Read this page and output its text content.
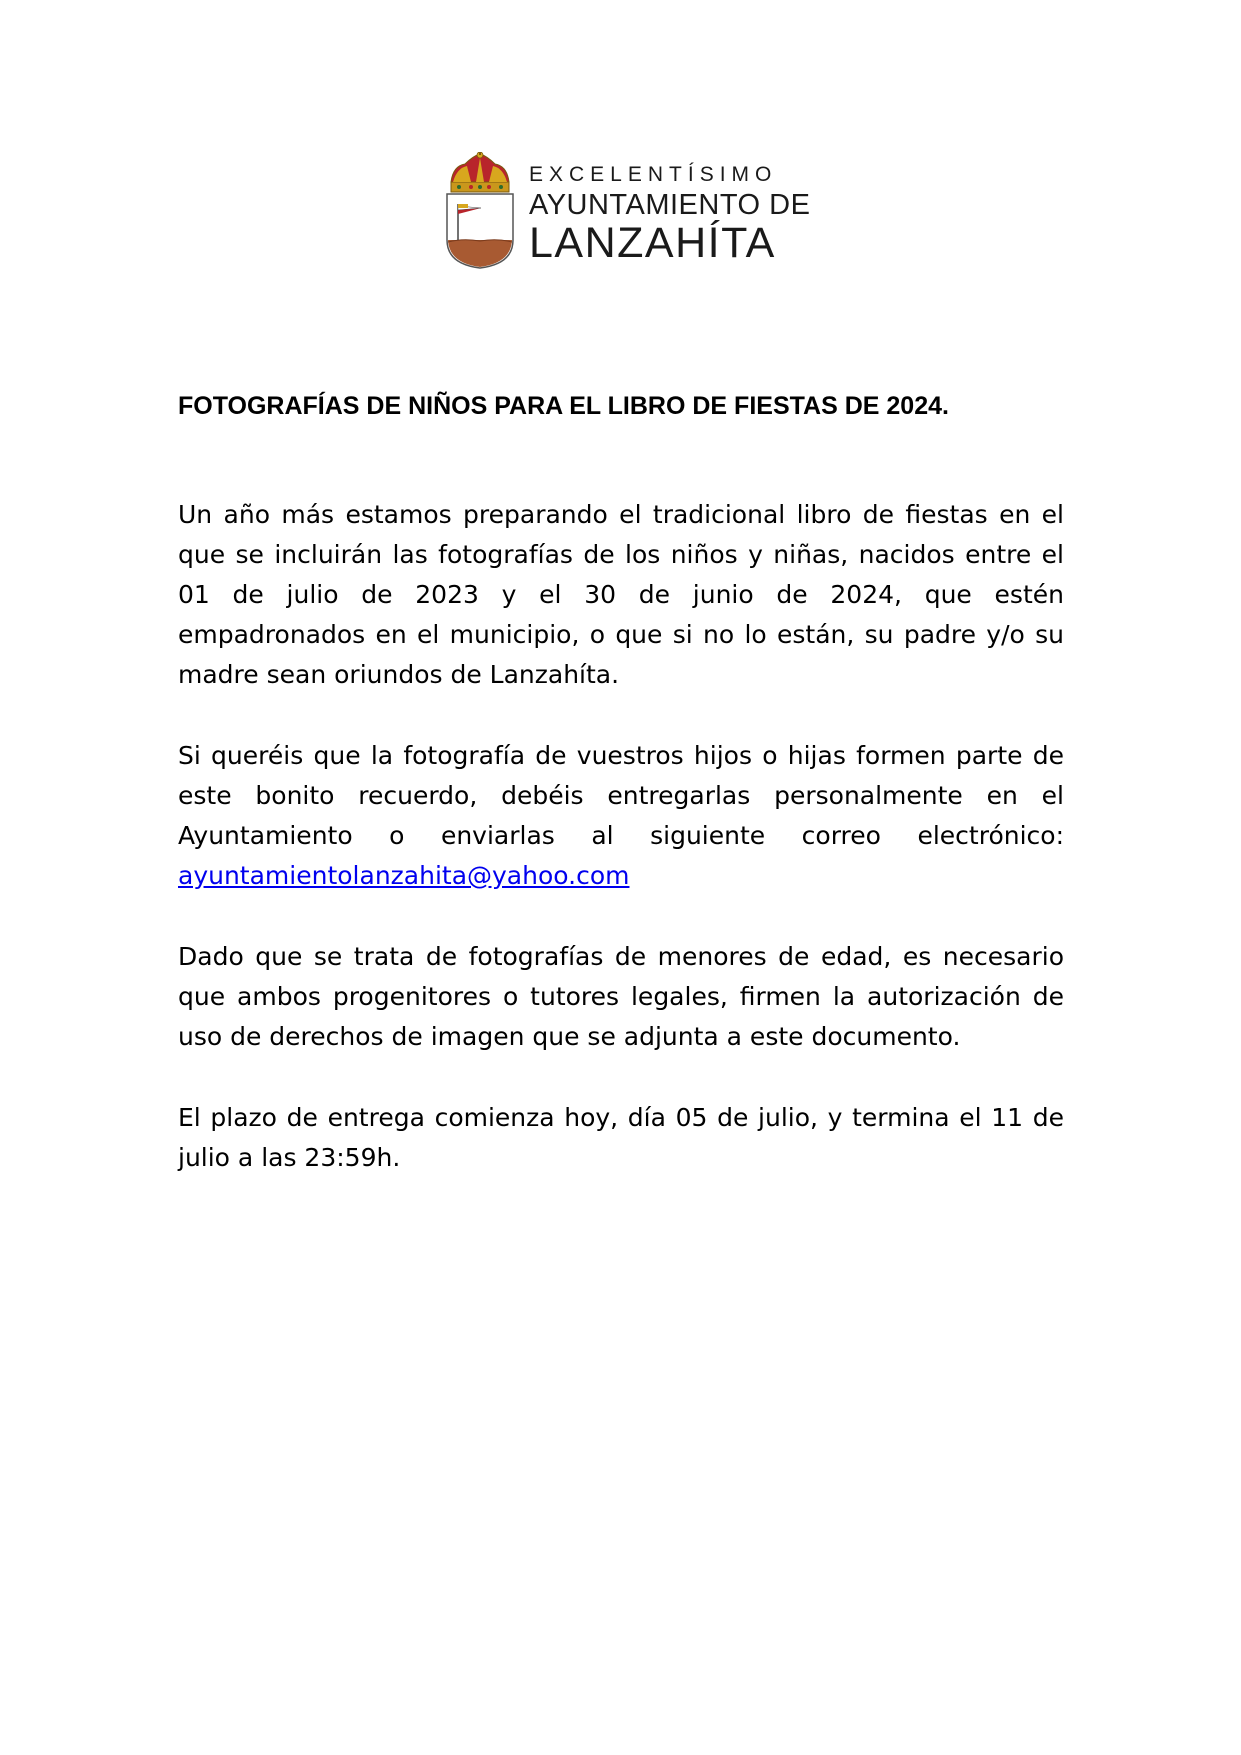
EXCELENTÍSIMO
AYUNTAMIENTO DE
LANZAHÍTA
FOTOGRAFÍAS DE NIÑOS PARA EL LIBRO DE FIESTAS DE 2024.

Un año más estamos preparando el tradicional libro de fiestas en el que se incluirán las fotografías de los niños y niñas, nacidos entre el 01 de julio de 2023 y el 30 de junio de 2024, que estén empadronados en el municipio, o que si no lo están, su padre y/o su madre sean oriundos de Lanzahíta.

Si queréis que la fotografía de vuestros hijos o hijas formen parte de este bonito recuerdo, debéis entregarlas personalmente en el Ayuntamiento o enviarlas al siguiente correo electrónico: ayuntamientolanzahita@yahoo.com

Dado que se trata de fotografías de menores de edad, es necesario que ambos progenitores o tutores legales, firmen la autorización de uso de derechos de imagen que se adjunta a este documento.

El plazo de entrega comienza hoy, día 05 de julio, y termina el 11 de julio a las 23:59h.
